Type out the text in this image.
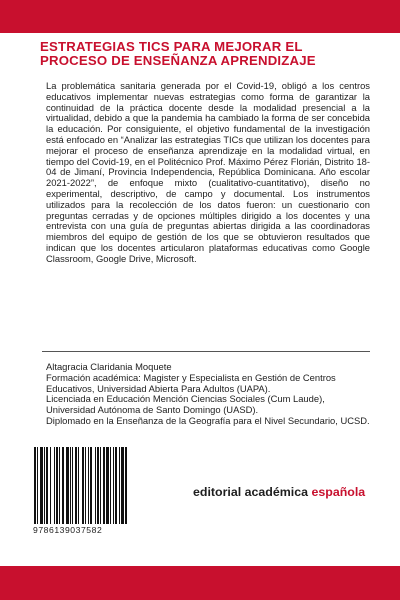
ESTRATEGIAS TICS PARA MEJORAR EL
PROCESO DE ENSEÑANZA APRENDIZAJE

La problemática sanitaria generada por el Covid-19, obligó a los centros educativos implementar nuevas estrategias como forma de garantizar la continuidad de la práctica docente desde la modalidad presencial a la virtualidad, debido a que la pandemia ha cambiado la forma de ser concebida la educación. Por consiguiente, el objetivo fundamental de la investigación está enfocado en “Analizar las estrategias TICs que utilizan los docentes para mejorar el proceso de enseñanza aprendizaje en la modalidad virtual, en tiempo del Covid-19, en el Politécnico Prof. Máximo Pérez Florián, Distrito 18-04 de Jimaní, Provincia Independencia, República Dominicana. Año escolar 2021-2022”, de enfoque mixto (cualitativo-cuantitativo), diseño no experimental, descriptivo, de campo y documental. Los instrumentos utilizados para la recolección de los datos fueron: un cuestionario con preguntas cerradas y de opciones múltiples dirigido a los docentes y una entrevista con una guía de preguntas abiertas dirigida a las coordinadoras miembros del equipo de gestión de los que se obtuvieron resultados que indican que los docentes articularon plataformas educativas como Google Classroom, Google Drive, Microsoft.

Altagracia Claridania Moquete

Formación académica: Magister y Especialista en Gestión de Centros Educativos, Universidad Abierta Para Adultos (UAPA).

Licenciada en Educación Mención Ciencias Sociales (Cum Laude), Universidad Autónoma de Santo Domingo (UASD).

Diplomado en la Enseñanza de la Geografía para el Nivel Secundario, UCSD.

9786139037582
editorial académica española
